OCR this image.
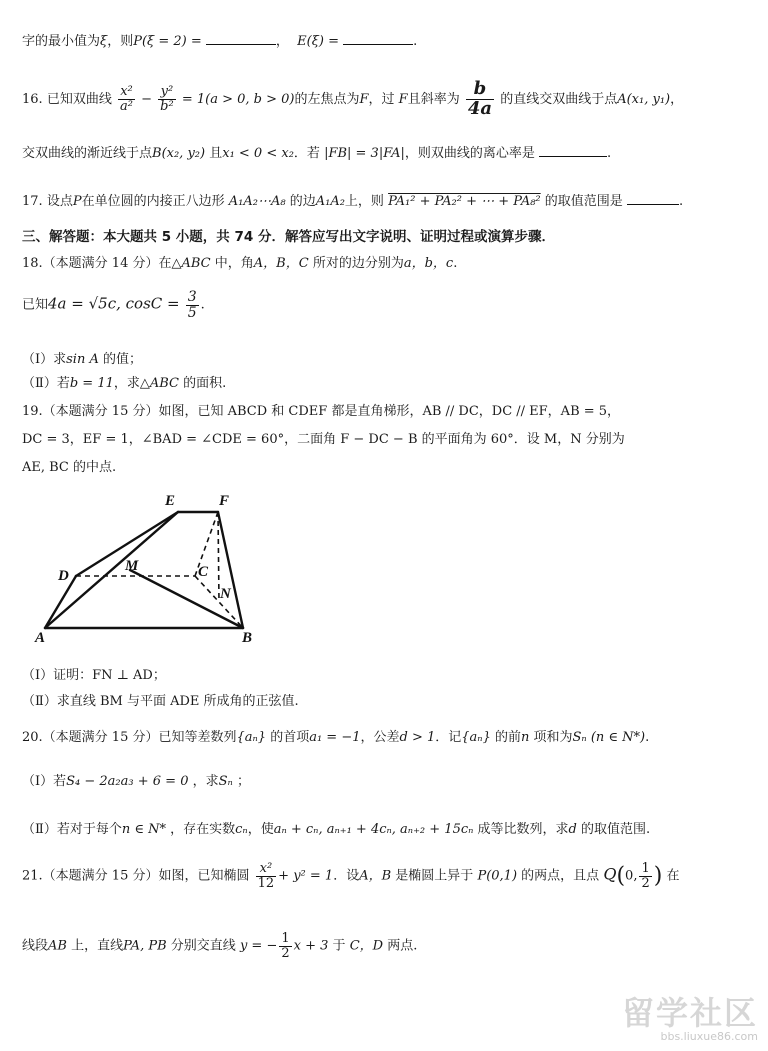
字的最小值为ξ，则P(ξ = 2) =	， E(ξ) =	.
16. 已知双曲线 $\frac{\text{x²}}{\text{a²}} - \frac{\text{y²}}{\text{b²}} = 1(a > 0$, b > 0)的左焦点为F，过 F且斜率为 $\frac{b}{4a}$ 的直线交双曲线于点A(x₁, y₁)，
交双曲线的渐近线于点B(x₂, y₂) 且x₁ < 0 < x₂．若 |FB| = 3|FA|，则双曲线的离心率是	.
17. 设点P在单位圆的内接正八边形 A₁A₂⋯A₈ 的边A₁A₂上，则 PA₁² + PA₂² + ⋯ + PA₈² 的取值范围是	.
三、解答题：本大题共 5 小题，共 74 分．解答应写出文字说明、证明过程或演算步骤．
18.（本题满分 14 分）在△ABC 中，角A，B，C 所对的边分别为a，b，c.
已知4a = √5c, $\cos C = \frac{3}{5}$ .
（Ⅰ）求sin A 的值；
（Ⅱ）若b = 11，求△ABC 的面积.
19.（本题满分 15 分）如图，已知 ABCD 和 CDEF 都是直角梯形，AB // DC，DC // EF，AB = 5，
DC = 3，EF = 1，∠BAD = ∠CDE = 60°，二面角 F − DC − B 的平面角为 60°．设 M，N 分别为
AE, BC 的中点.
E	F
D
M	C
N
A	B
（Ⅰ）证明：FN ⊥ AD；
（Ⅱ）求直线 BM 与平面 ADE 所成角的正弦值.
20.（本题满分 15 分）已知等差数列{aₙ} 的首项a₁ = −1，公差d > 1．记{aₙ} 的前n 项和为Sₙ (n ∈ N*).
（Ⅰ）若S₄ − 2a₂a₃ + 6 = 0 ，求Sₙ ；
（Ⅱ）若对于每个n ∈ N* ，存在实数cₙ，使aₙ + cₙ, aₙ₊₁ + 4cₙ, aₙ₊₂ + 15cₙ 成等比数列，求d 的取值范围.
21.（本题满分 15 分）如图，已知椭圆 $\frac{\text{x²}}{12} + y^2 = 1$．设A，B 是椭圆上异于 P(0,1) 的两点，且点 Q(0, $\frac{1}{2}$ ) 在
线段AB 上，直线PA, PB 分别交直线 y = − $\frac{1}{2}$ x + 3 于 C，D 两点.
留学社区
bbs.liuxue86.com
